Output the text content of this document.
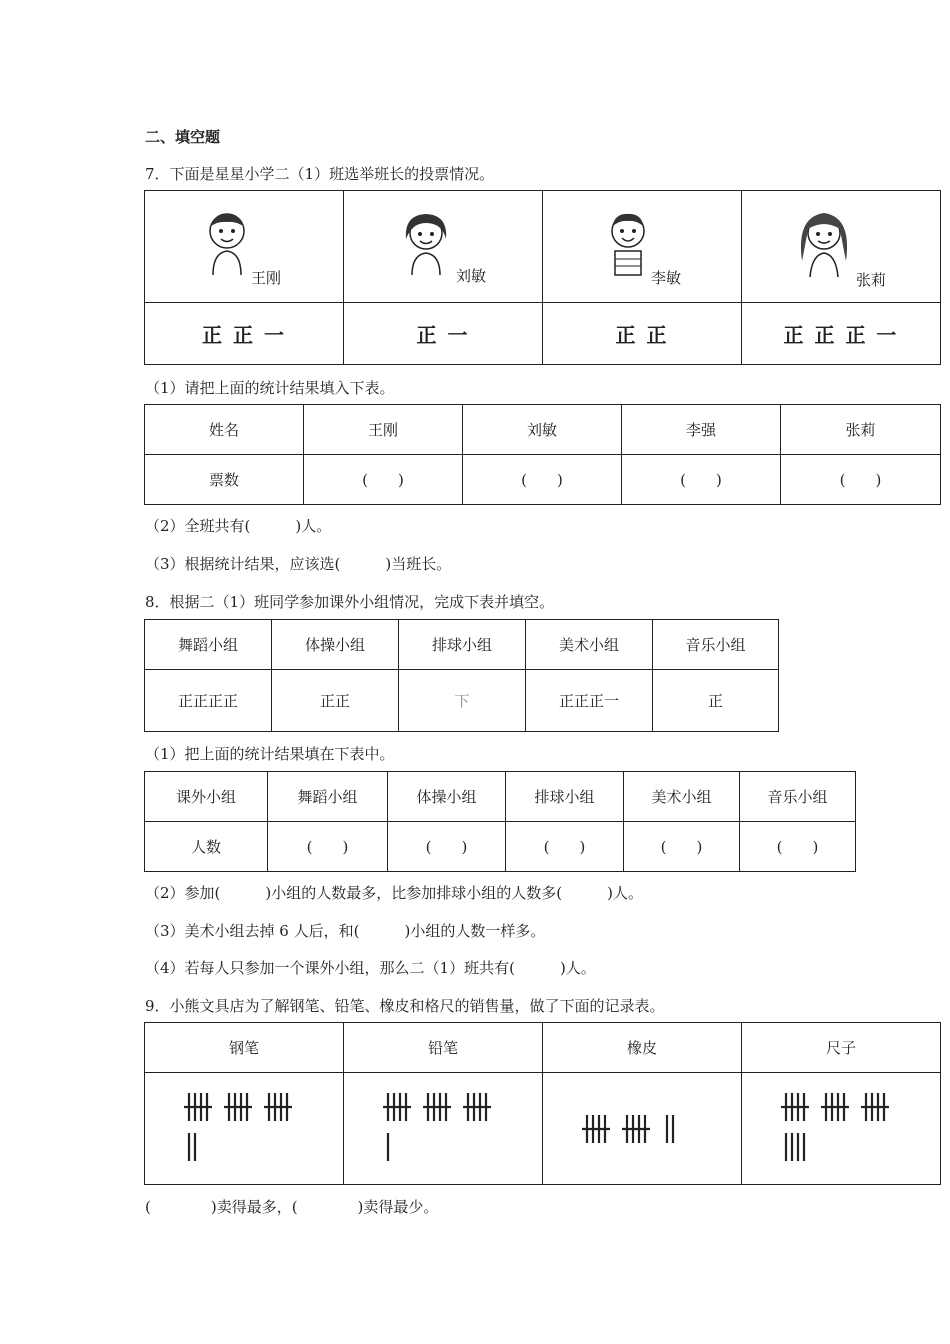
二、填空题
7．下面是星星小学二（1）班选举班长的投票情况。
王刚	刘敏	李敏	张莉

正 正 一	正 一	正 正	正 正 正 一
（1）请把上面的统计结果填入下表。
姓名	王刚	刘敏	李强	张莉
票数	(　　)	(　　)	(　　)	(　　)
（2）全班共有(　　　)人。
（3）根据统计结果，应该选(　　　)当班长。
8．根据二（1）班同学参加课外小组情况，完成下表并填空。
舞蹈小组	体操小组	排球小组	美术小组	音乐小组
正正正正	正正	下	正正正一	正
（1）把上面的统计结果填在下表中。
课外小组	舞蹈小组	体操小组	排球小组	美术小组	音乐小组
人数	(　　)	(　　)	(　　)	(　　)	(　　)
（2）参加(　　　)小组的人数最多，比参加排球小组的人数多(　　　)人。
（3）美术小组去掉 6 人后，和(　　　)小组的人数一样多。
（4）若每人只参加一个课外小组，那么二（1）班共有(　　　)人。
9．小熊文具店为了解钢笔、铅笔、橡皮和格尺的销售量，做了下面的记录表。
钢笔	铅笔	橡皮	尺子

(　　　　)卖得最多，(　　　　)卖得最少。
